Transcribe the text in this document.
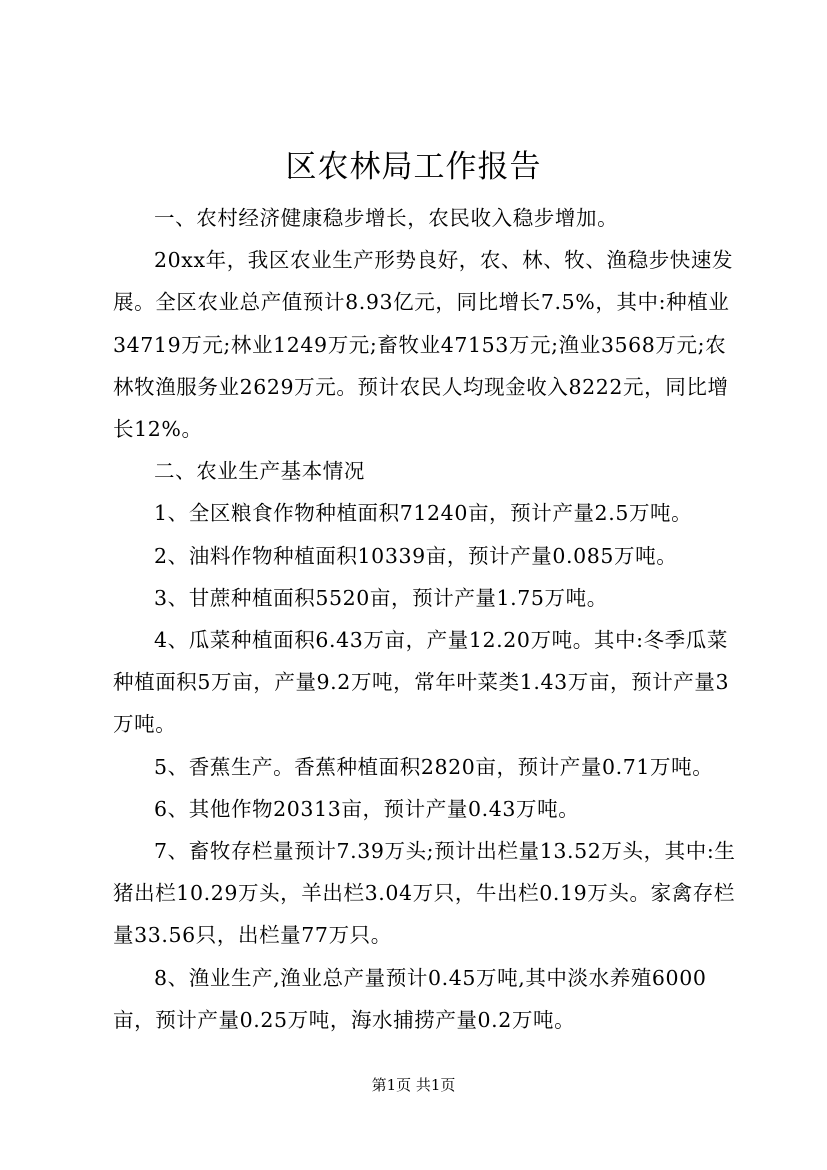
区农林局工作报告

一、农村经济健康稳步增长，农民收入稳步增加。

20xx年，我区农业生产形势良好，农、林、牧、渔稳步快速发展。全区农业总产值预计8.93亿元，同比增长7.5%，其中:种植业34719万元;林业1249万元;畜牧业47153万元;渔业3568万元;农林牧渔服务业2629万元。预计农民人均现金收入8222元，同比增长12%。

二、农业生产基本情况

1、全区粮食作物种植面积71240亩，预计产量2.5万吨。

2、油料作物种植面积10339亩，预计产量0.085万吨。

3、甘蔗种植面积5520亩，预计产量1.75万吨。

4、瓜菜种植面积6.43万亩，产量12.20万吨。其中:冬季瓜菜种植面积5万亩，产量9.2万吨，常年叶菜类1.43万亩，预计产量3万吨。

5、香蕉生产。香蕉种植面积2820亩，预计产量0.71万吨。

6、其他作物20313亩，预计产量0.43万吨。

7、畜牧存栏量预计7.39万头;预计出栏量13.52万头，其中:生猪出栏10.29万头，羊出栏3.04万只，牛出栏0.19万头。家禽存栏量33.56只，出栏量77万只。

8、渔业生产,渔业总产量预计0.45万吨,其中淡水养殖6000亩，预计产量0.25万吨，海水捕捞产量0.2万吨。

第1页 共1页
